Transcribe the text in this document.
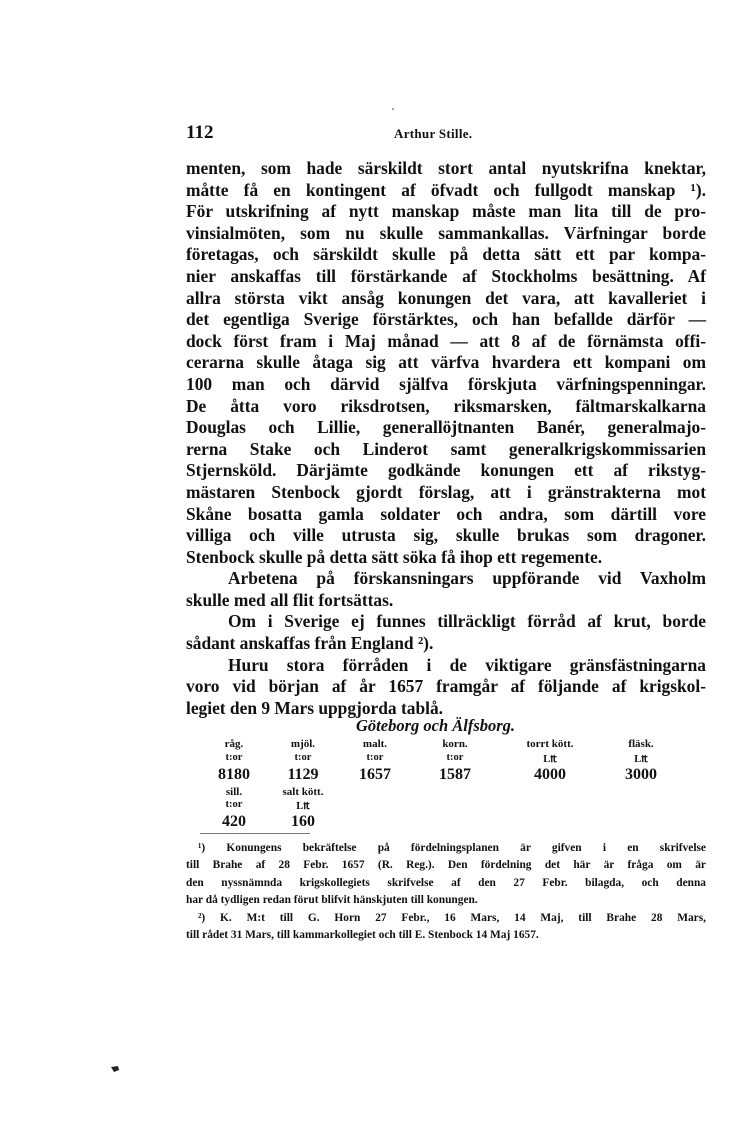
112	Arthur Stille.
menten, som hade särskildt stort antal nyutskrifna knektar,
måtte få en kontingent af öfvadt och fullgodt manskap ¹).
För utskrifning af nytt manskap måste man lita till de pro-
vinsialmöten, som nu skulle sammankallas. Värfningar borde
företagas, och särskildt skulle på detta sätt ett par kompa-
nier anskaffas till förstärkande af Stockholms besättning. Af
allra största vikt ansåg konungen det vara, att kavalleriet i
det egentliga Sverige förstärktes, och han befallde därför —
dock först fram i Maj månad — att 8 af de förnämsta offi-
cerarna skulle åtaga sig att värfva hvardera ett kompani om
100 man och därvid själfva förskjuta värfningspenningar.
De åtta voro riksdrotsen, riksmarsken, fältmarskalkarna
Douglas och Lillie, generallöjtnanten Banér, generalmajo-
rerna Stake och Linderot samt generalkrigskommissarien
Stjernsköld. Därjämte godkände konungen ett af rikstyg-
mästaren Stenbock gjordt förslag, att i gränstrakterna mot
Skåne bosatta gamla soldater och andra, som därtill vore
villiga och ville utrusta sig, skulle brukas som dragoner.
Stenbock skulle på detta sätt söka få ihop ett regemente.
Arbetena på förskansningars uppförande vid Vaxholm
skulle med all flit fortsättas.
Om i Sverige ej funnes tillräckligt förråd af krut, borde
sådant anskaffas från England ²).
Huru stora förråden i de viktigare gränsfästningarna
voro vid början af år 1657 framgår af följande af krigskol-
legiet den 9 Mars uppgjorda tablå.
Göteborg och Älfsborg.
råg.	mjöl.	malt.	korn.	torrt kött.	fläsk.
t:or	t:or	t:or	t:or	L₶	L₶
8180	1129	1657	1587	4000	3000
sill.	salt kött.
t:or	L₶
420	160
¹) Konungens bekräftelse på fördelningsplanen är gifven i en skrifvelse
till Brahe af 28 Febr. 1657 (R. Reg.). Den fördelning det här är fråga om är
den nyssnämnda krigskollegiets skrifvelse af den 27 Febr. bilagda, och denna
har då tydligen redan förut blifvit hänskjuten till konungen.
²) K. M:t till G. Horn 27 Febr., 16 Mars, 14 Maj, till Brahe 28 Mars,
till rådet 31 Mars, till kammarkollegiet och till E. Stenbock 14 Maj 1657.
